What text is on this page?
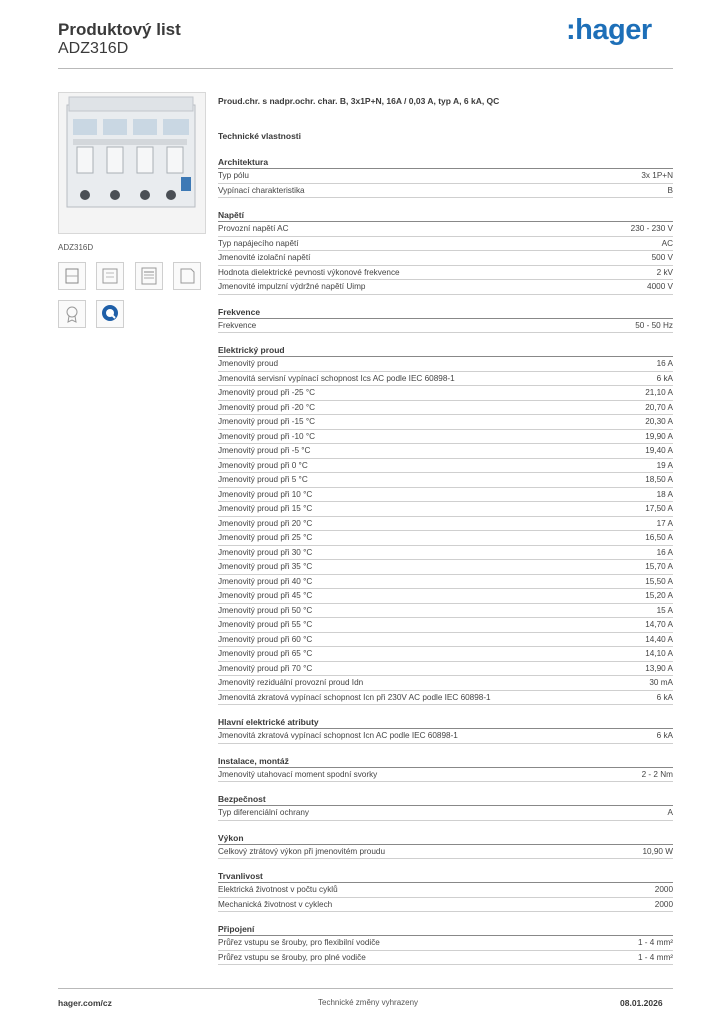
Produktový list
ADZ316D
:hager
ADZ316D
Proud.chr. s nadpr.ochr. char. B, 3x1P+N, 16A / 0,03 A, typ A, 6 kA, QC
Technické vlastnosti
Architektura
Typ pólu	3x 1P+N
Vypínací charakteristika	B
Napětí
Provozní napětí AC	230 - 230 V
Typ napájecího napětí	AC
Jmenovité izolační napětí	500 V
Hodnota dielektrické pevnosti výkonové frekvence	2 kV
Jmenovité impulzní výdržné napětí Uimp	4000 V
Frekvence
Frekvence	50 - 50 Hz
Elektrický proud
Jmenovitý proud	16 A
Jmenovitá servisní vypínací schopnost Ics AC podle IEC 60898-1	6 kA
Jmenovitý proud při -25 °C	21,10 A
Jmenovitý proud při -20 °C	20,70 A
Jmenovitý proud při -15 °C	20,30 A
Jmenovitý proud při -10 °C	19,90 A
Jmenovitý proud při -5 °C	19,40 A
Jmenovitý proud při 0 °C	19 A
Jmenovitý proud při 5 °C	18,50 A
Jmenovitý proud při 10 °C	18 A
Jmenovitý proud při 15 °C	17,50 A
Jmenovitý proud při 20 °C	17 A
Jmenovitý proud při 25 °C	16,50 A
Jmenovitý proud při 30 °C	16 A
Jmenovitý proud při 35 °C	15,70 A
Jmenovitý proud při 40 °C	15,50 A
Jmenovitý proud při 45 °C	15,20 A
Jmenovitý proud při 50 °C	15 A
Jmenovitý proud při 55 °C	14,70 A
Jmenovitý proud při 60 °C	14,40 A
Jmenovitý proud při 65 °C	14,10 A
Jmenovitý proud při 70 °C	13,90 A
Jmenovitý reziduální provozní proud Idn	30 mA
Jmenovitá zkratová vypínací schopnost Icn při 230V AC podle IEC 60898-1	6 kA
Hlavní elektrické atributy
Jmenovitá zkratová vypínací schopnost Icn AC podle IEC 60898-1	6 kA
Instalace, montáž
Jmenovitý utahovací moment spodní svorky	2 - 2 Nm
Bezpečnost
Typ diferenciální ochrany	A
Výkon
Celkový ztrátový výkon při jmenovitém proudu	10,90 W
Trvanlivost
Elektrická životnost v počtu cyklů	2000
Mechanická životnost v cyklech	2000
Připojení
Průřez vstupu se šrouby, pro flexibilní vodiče	1 - 4 mm²
Průřez vstupu se šrouby, pro plné vodiče	1 - 4 mm²
hager.com/cz	Technické změny vyhrazeny	08.01.2026
